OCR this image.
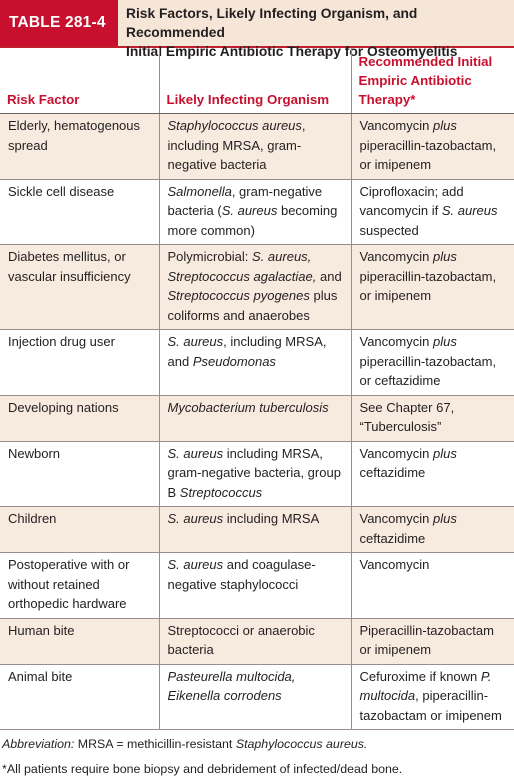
TABLE 281-4
Risk Factors, Likely Infecting Organism, and Recommended
Initial Empiric Antibiotic Therapy for Osteomyelitis
Risk Factor	Likely Infecting Organism	Recommended Initial Empiric Antibiotic Therapy*
Elderly, hematogenous spread	Staphylococcus aureus, including MRSA, gram-negative bacteria	Vancomycin plus piperacillin-tazobactam, or imipenem
Sickle cell disease	Salmonella, gram-negative bacteria (S. aureus becoming more common)	Ciprofloxacin; add vancomycin if S. aureus suspected
Diabetes mellitus, or vascular insufficiency	Polymicrobial: S. aureus, Streptococcus agalactiae, and Streptococcus pyogenes plus coliforms and anaerobes	Vancomycin plus piperacillin-tazobactam, or imipenem
Injection drug user	S. aureus, including MRSA, and Pseudomonas	Vancomycin plus piperacillin-tazobactam, or ceftazidime
Developing nations	Mycobacterium tuberculosis	See Chapter 67, “Tuberculosis”
Newborn	S. aureus including MRSA, gram-negative bacteria, group B Streptococcus	Vancomycin plus ceftazidime
Children	S. aureus including MRSA	Vancomycin plus ceftazidime
Postoperative with or without retained orthopedic hardware	S. aureus and coagulase-negative staphylococci	Vancomycin
Human bite	Streptococci or anaerobic bacteria	Piperacillin-tazobactam or imipenem
Animal bite	Pasteurella multocida, Eikenella corrodens	Cefuroxime if known P. multocida, piperacillin-tazobactam or imipenem
Abbreviation: MRSA = methicillin-resistant Staphylococcus aureus.
*All patients require bone biopsy and debridement of infected/dead bone.
